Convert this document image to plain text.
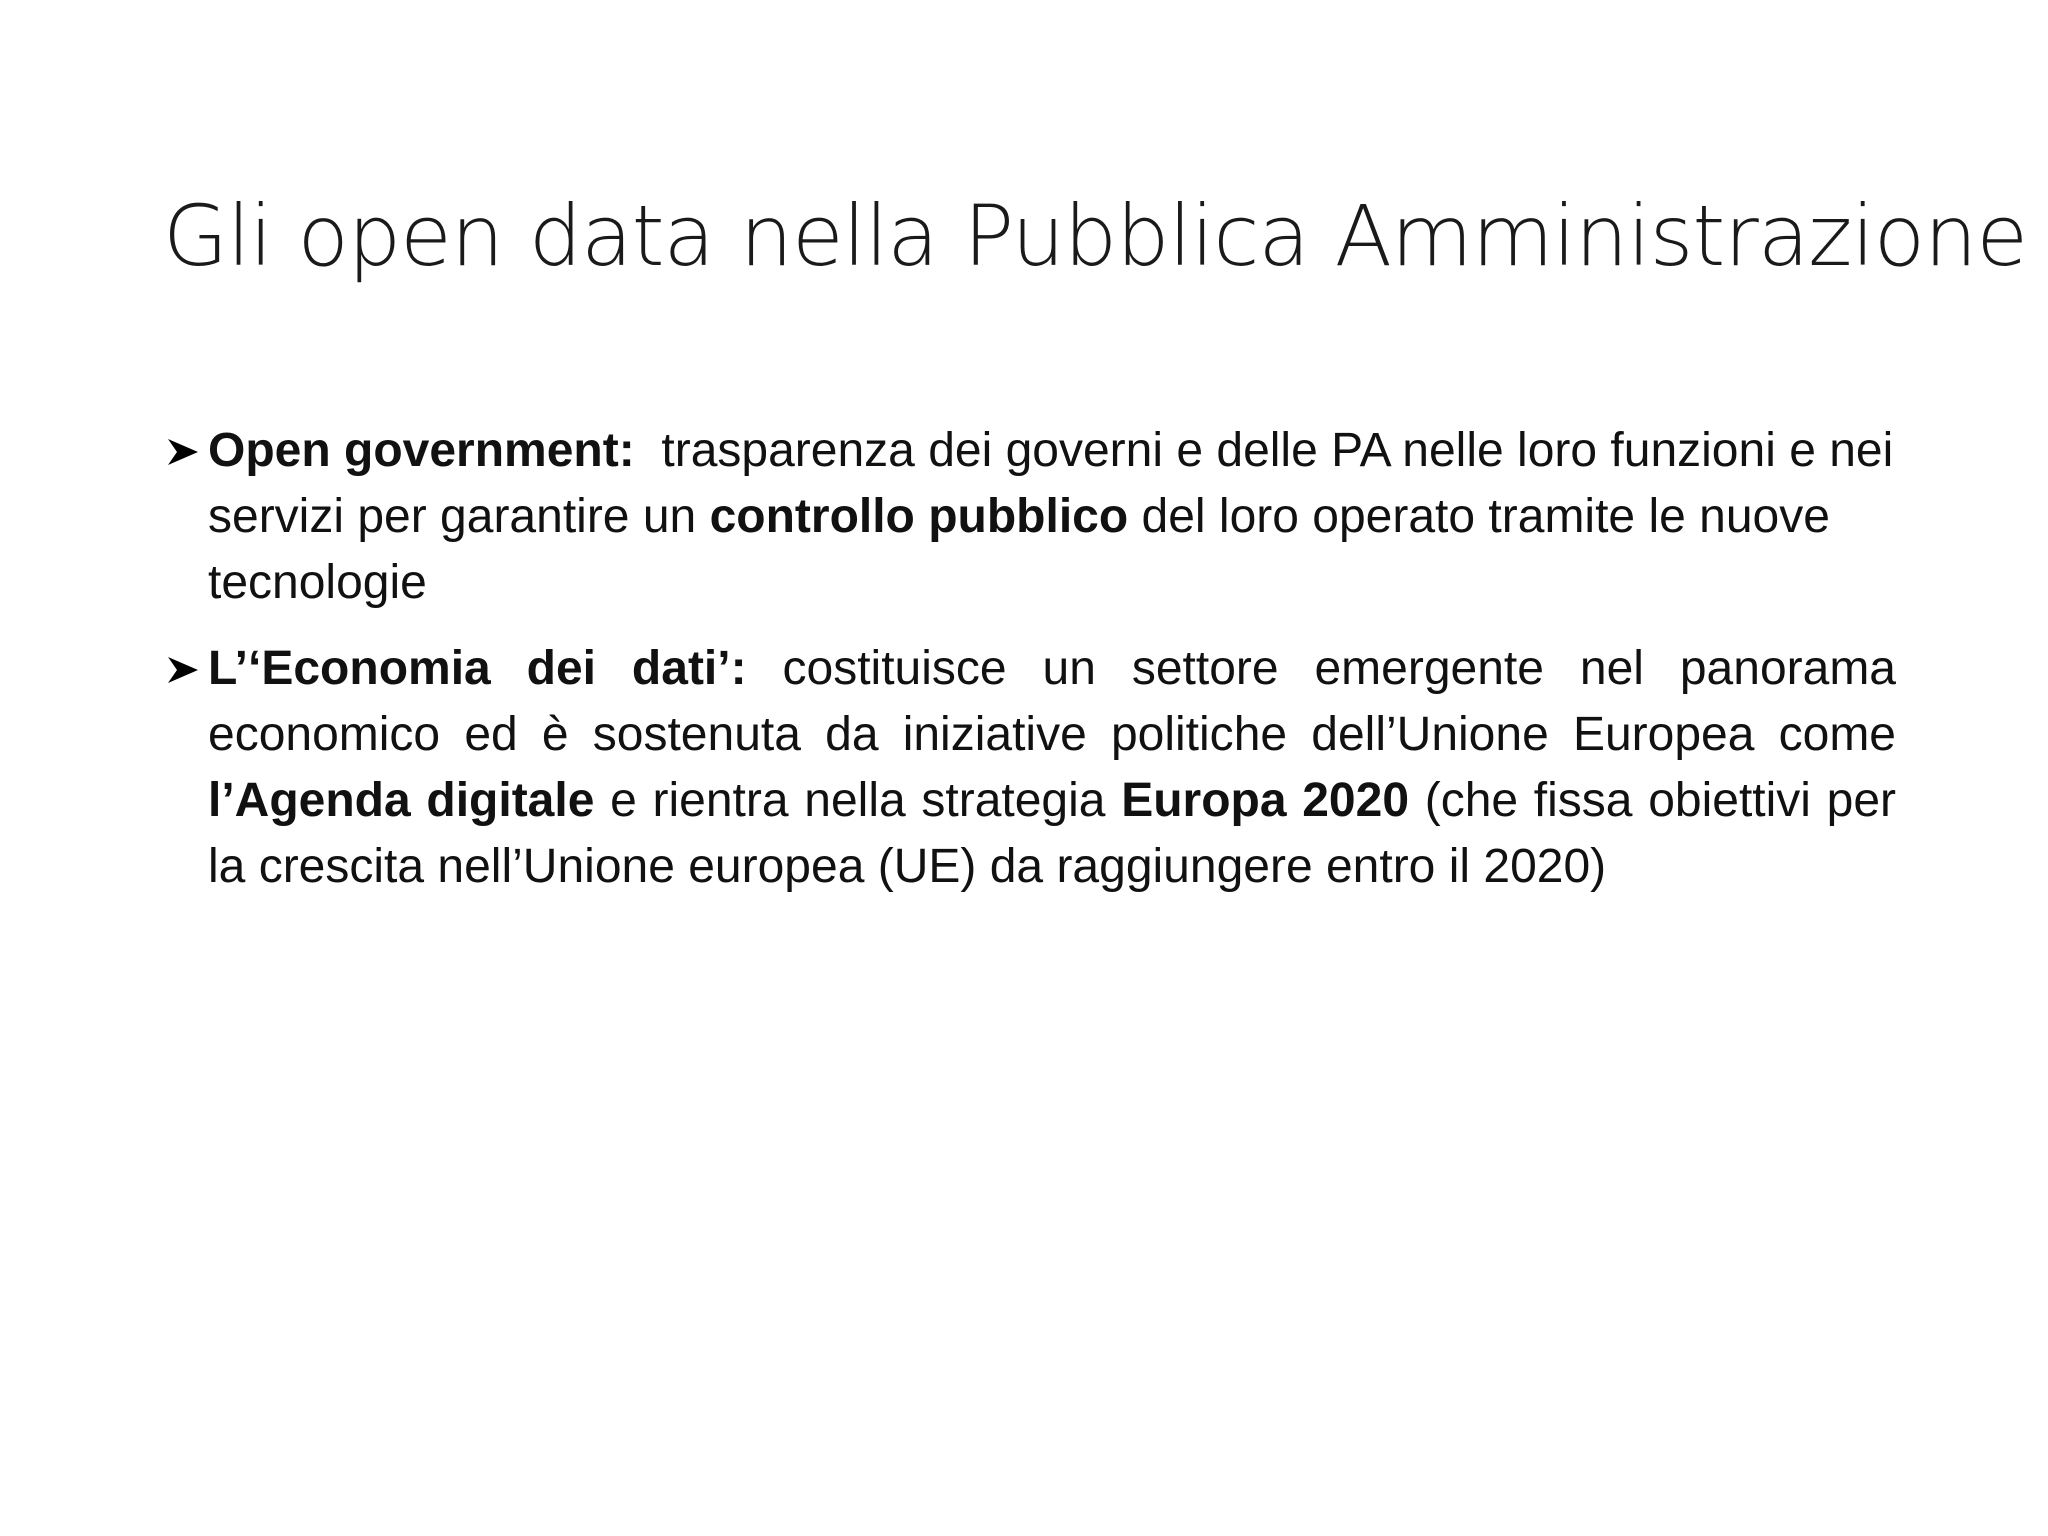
Gli open data nella Pubblica Amministrazione
Open government:  trasparenza dei governi e delle PA nelle loro funzioni e nei servizi per garantire un controllo pubblico del loro operato tramite le nuove tecnologie
L’‘Economia dei dati’: costituisce un settore emergente nel panorama economico ed è sostenuta da iniziative politiche dell’Unione Europea come l’Agenda digitale e rientra nella strategia Europa 2020 (che fissa obiettivi per la crescita nell’Unione europea (UE) da raggiungere entro il 2020)
